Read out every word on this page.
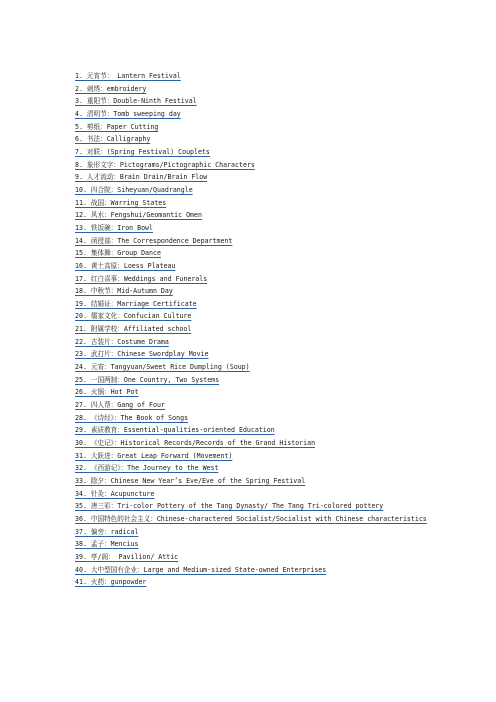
1. 元宵节： Lantern Festival
2. 刺绣：embroidery
3. 重阳节：Double-Ninth Festival
4. 清明节：Tomb sweeping day
5. 剪纸：Paper Cutting
6. 书法：Calligraphy
7. 对联：(Spring Festival) Couplets
8. 象形文字：Pictograms/Pictographic Characters
9. 人才流动：Brain Drain/Brain Flow
10. 四合院：Siheyuan/Quadrangle
11. 战国：Warring States
12. 风水：Fengshui/Geomantic Omen
13. 铁饭碗：Iron Bowl
14. 函授部：The Correspondence Department
15. 集体舞：Group Dance
16. 黄土高原：Loess Plateau
17. 红白喜事：Weddings and Funerals
18. 中秋节：Mid-Autumn Day
19. 结婚证：Marriage Certificate
20. 儒家文化：Confucian Culture
21. 附属学校：Affiliated school
22. 古装片：Costume Drama
23. 武打片：Chinese Swordplay Movie
24. 元宵：Tangyuan/Sweet Rice Dumpling (Soup)
25. 一国两制：One Country, Two Systems
26. 火锅：Hot Pot
27. 四人帮：Gang of Four
28. 《诗经》：The Book of Songs
29. 素质教育：Essential-qualities-oriented Education
30. 《史记》：Historical Records/Records of the Grand Historian
31. 大跃进：Great Leap Forward (Movement)
32. 《西游记》：The Journey to the West
33. 除夕：Chinese New Year’s Eve/Eve of the Spring Festival
34. 针灸：Acupuncture
35. 唐三彩：Tri-color Pottery of the Tang Dynasty/ The Tang Tri-colored pottery
36. 中国特色的社会主义：Chinese-charactered Socialist/Socialist with Chinese characteristics
37. 偏旁：radical
38. 孟子：Mencius
39. 亭/阁： Pavilion/ Attic
40. 大中型国有企业：Large and Medium-sized State-owned Enterprises
41. 火药：gunpowder
